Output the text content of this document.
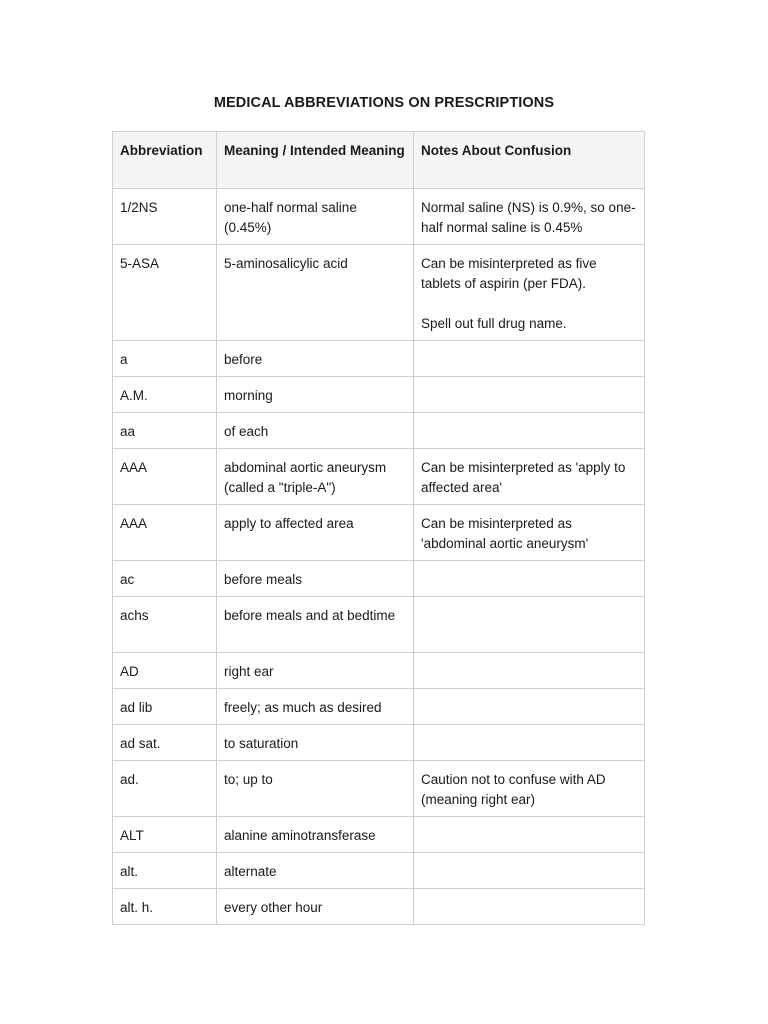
MEDICAL ABBREVIATIONS ON PRESCRIPTIONS
Abbreviation	Meaning / Intended Meaning	Notes About Confusion
1/2NS	one-half normal saline (0.45%)	Normal saline (NS) is 0.9%, so one-half normal saline is 0.45%

5-ASA	5-aminosalicylic acid	Can be misinterpreted as five tablets of aspirin (per FDA).
Spell out full drug name.

a	before	
A.M.	morning	
aa	of each	
AAA	abdominal aortic aneurysm (called a "triple-A")	Can be misinterpreted as 'apply to affected area'
AAA	apply to affected area	Can be misinterpreted as 'abdominal aortic aneurysm'
ac	before meals	
achs	before meals and at bedtime	
AD	right ear	
ad lib	freely; as much as desired	
ad sat.	to saturation	
ad.	to; up to	Caution not to confuse with AD (meaning right ear)
ALT	alanine aminotransferase	
alt.	alternate	
alt. h.	every other hour	
